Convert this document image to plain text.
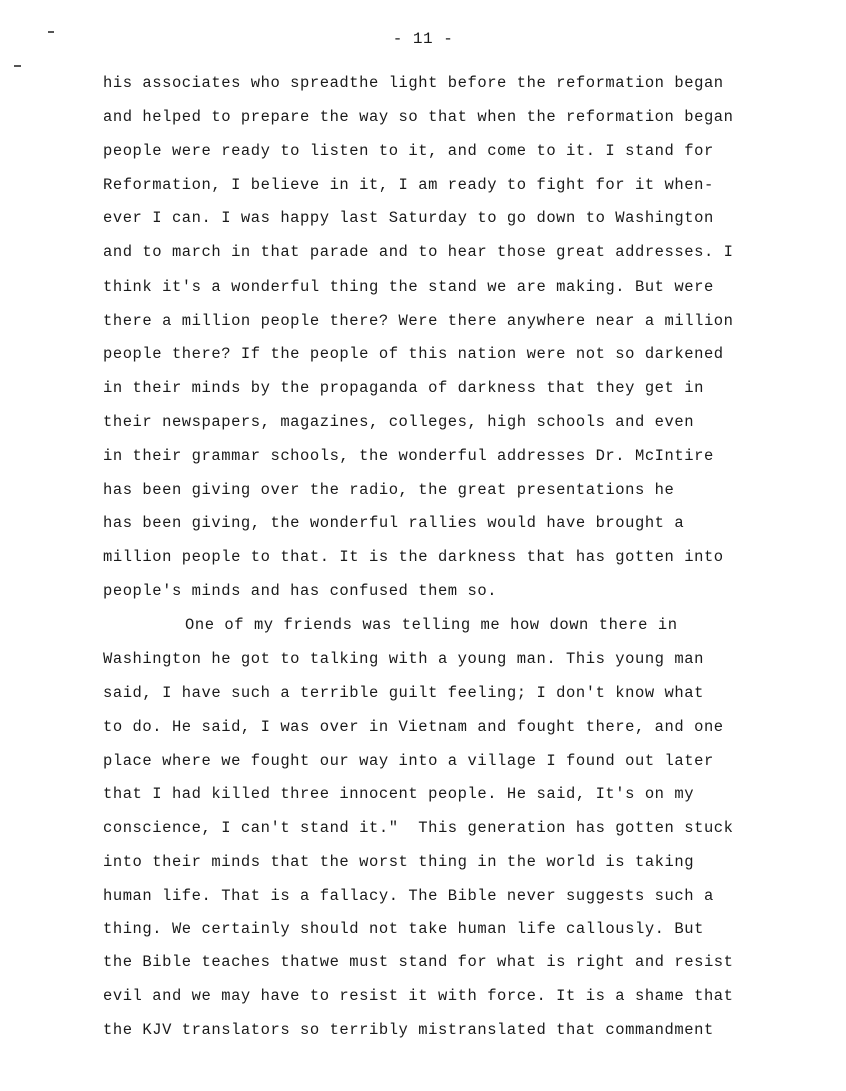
- 11 -
his associates who spreadthe light before the reformation began
and helped to prepare the way so that when the reformation began
people were ready to listen to it, and come to it. I stand for
Reformation, I believe in it, I am ready to fight for it when-
ever I can. I was happy last Saturday to go down to Washington
and to march in that parade and to hear those great addresses. I
think it's a wonderful thing the stand we are making. But were
there a million people there? Were there anywhere near a million
people there? If the people of this nation were not so darkened
in their minds by the propaganda of darkness that they get in
their newspapers, magazines, colleges, high schools and even
in their grammar schools, the wonderful addresses Dr. McIntire
has been giving over the radio, the great presentations he
has been giving, the wonderful rallies would have brought a
million people to that. It is the darkness that has gotten into
people's minds and has confused them so.
One of my friends was telling me how down there in
Washington he got to talking with a young man. This young man
said, I have such a terrible guilt feeling; I don't know what
to do. He said, I was over in Vietnam and fought there, and one
place where we fought our way into a village I found out later
that I had killed three innocent people. He said, It's on my
conscience, I can't stand it."  This generation has gotten stuck
into their minds that the worst thing in the world is taking
human life. That is a fallacy. The Bible never suggests such a
thing. We certainly should not take human life callously. But
the Bible teaches thatwe must stand for what is right and resist
evil and we may have to resist it with force. It is a shame that
the KJV translators so terribly mistranslated that commandment
